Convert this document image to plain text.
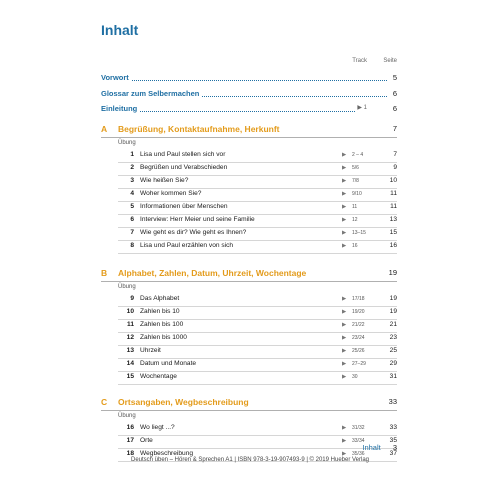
Inhalt
Track	Seite
Vorwort	5
Glossar zum Selbermachen	6
Einleitung	▶ 1	6
A Begrüßung, Kontaktaufnahme, Herkunft	7
Übung
1 Lisa und Paul stellen sich vor	▶ 2 – 4	7
2 Begrüßen und Verabschieden	▶ 5/6	9
3 Wie heißen Sie?	▶ 7/8	10
4 Woher kommen Sie?	▶ 9/10	11
5 Informationen über Menschen	▶ 11	11
6 Interview: Herr Meier und seine Familie	▶ 12	13
7 Wie geht es dir? Wie geht es Ihnen?	▶ 13–15	15
8 Lisa und Paul erzählen von sich	▶ 16	16
B Alphabet, Zahlen, Datum, Uhrzeit, Wochentage	19
Übung
9 Das Alphabet	▶ 17/18	19
10 Zahlen bis 10	▶ 19/20	19
11 Zahlen bis 100	▶ 21/22	21
12 Zahlen bis 1000	▶ 23/24	23
13 Uhrzeit	▶ 25/26	25
14 Datum und Monate	▶ 27–29	29
15 Wochentage	▶ 30	31
C Ortsangaben, Wegbeschreibung	33
Übung
16 Wo liegt ...?	▶ 31/32	33
17 Orte	▶ 33/34	35
18 Wegbeschreibung	▶ 35/36	37
Inhalt 3
Deutsch üben – Hören & Sprechen A1 | ISBN 978-3-19-907493-9 | © 2019 Hueber Verlag
